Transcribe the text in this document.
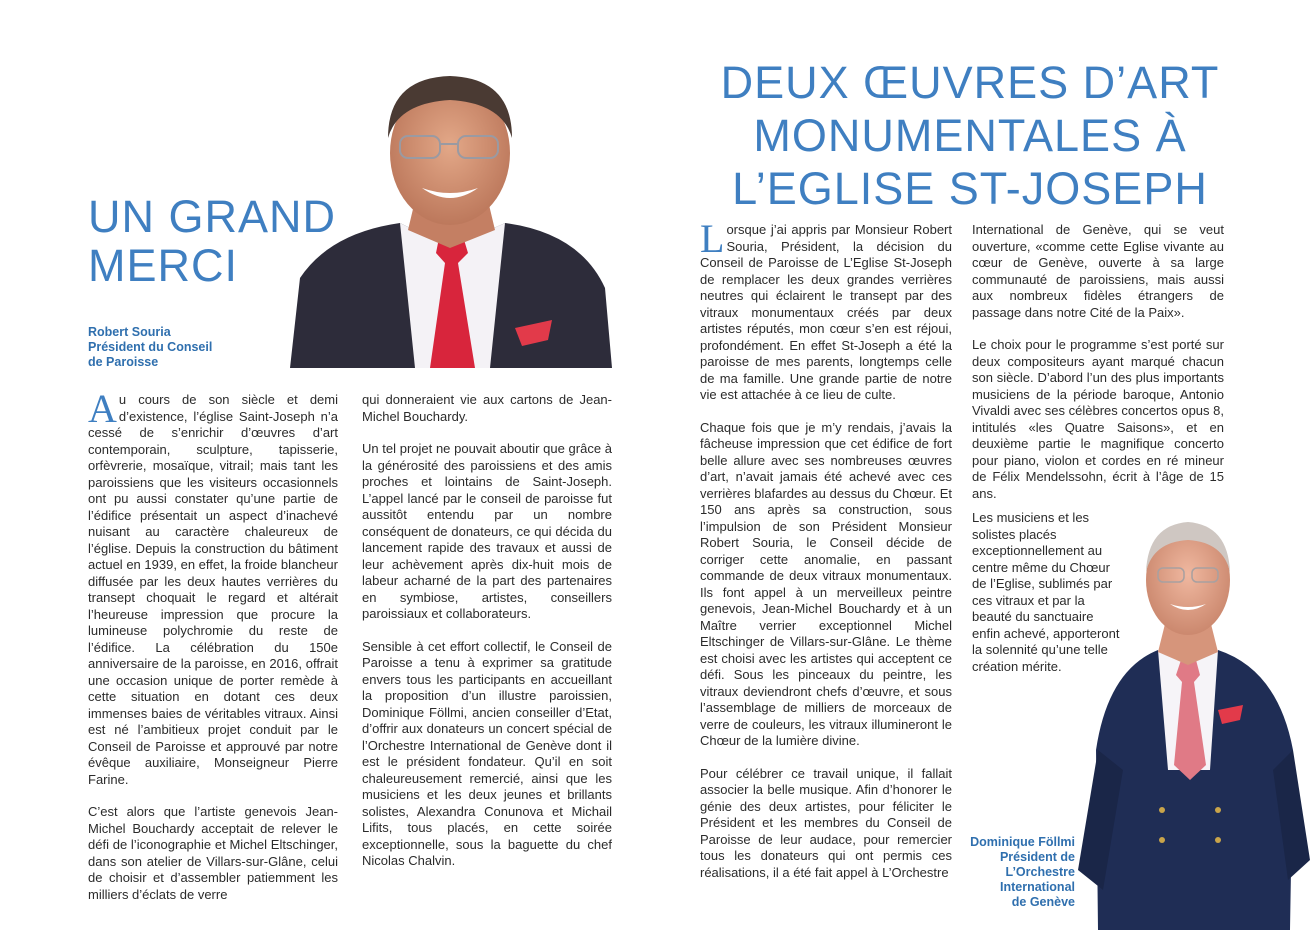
UN GRAND
MERCI
Robert Souria
Président du Conseil
de Paroisse

Au cours de son siècle et demi d’existence, l’église Saint-Joseph n’a cessé de s’enrichir d’œuvres d’art contemporain, sculpture, tapisserie, orfèvrerie, mosaïque, vitrail; mais tant les paroissiens que les visiteurs occasionnels ont pu aussi constater qu’une partie de l’édifice présentait un aspect d’inachevé nuisant au caractère chaleureux de l’église. Depuis la construction du bâtiment actuel en 1939, en effet, la froide blancheur diffusée par les deux hautes verrières du transept choquait le regard et altérait l’heureuse impression que procure la lumineuse polychromie du reste de l’édifice. La célébration du 150e anniversaire de la paroisse, en 2016, offrait une occasion unique de porter remède à cette situation en dotant ces deux immenses baies de véritables vitraux. Ainsi est né l’ambitieux projet conduit par le Conseil de Paroisse et approuvé par notre évêque auxiliaire, Monseigneur Pierre Farine.

C’est alors que l’artiste genevois Jean-Michel Bouchardy acceptait de relever le défi de l’iconographie et Michel Eltschinger, dans son atelier de Villars-sur-Glâne, celui de choisir et d’assembler patiemment les milliers d’éclats de verre

qui donneraient vie aux cartons de Jean-Michel Bouchardy.

Un tel projet ne pouvait aboutir que grâce à la générosité des paroissiens et des amis proches et lointains de Saint-Joseph. L’appel lancé par le conseil de paroisse fut aussitôt entendu par un nombre conséquent de donateurs, ce qui décida du lancement rapide des travaux et aussi de leur achèvement après dix-huit mois de labeur acharné de la part des partenaires en symbiose, artistes, conseillers paroissiaux et collaborateurs.

Sensible à cet effort collectif, le Conseil de Paroisse a tenu à exprimer sa gratitude envers tous les participants en accueillant la proposition d’un illustre paroissien, Dominique Föllmi, ancien conseiller d’Etat, d’offrir aux donateurs un concert spécial de l’Orchestre International de Genève dont il est le président fondateur. Qu’il en soit chaleureusement remercié, ainsi que les musiciens et les deux jeunes et brillants solistes, Alexandra Conunova et Michail Lifits, tous placés, en cette soirée exceptionnelle, sous la baguette du chef Nicolas Chalvin.

DEUX ŒUVRES D’ART
MONUMENTALES À
L’EGLISE ST-JOSEPH

Lorsque j’ai appris par Monsieur Robert Souria, Président, la décision du Conseil de Paroisse de L’Eglise St-Joseph de remplacer les deux grandes verrières neutres qui éclairent le transept par des vitraux monumentaux créés par deux artistes réputés, mon cœur s’en est réjoui, profondément. En effet St-Joseph a été la paroisse de mes parents, longtemps celle de ma famille. Une grande partie de notre vie est attachée à ce lieu de culte.

Chaque fois que je m’y rendais, j’avais la fâcheuse impression que cet édifice de fort belle allure avec ses nombreuses œuvres d’art, n’avait jamais été achevé avec ces verrières blafardes au dessus du Chœur. Et 150 ans après sa construction, sous l’impulsion de son Président Monsieur Robert Souria, le Conseil décide de corriger cette anomalie, en passant commande de deux vitraux monumentaux. Ils font appel à un merveilleux peintre genevois, Jean-Michel Bouchardy et à un Maître verrier exceptionnel Michel Eltschinger de Villars-sur-Glâne. Le thème est choisi avec les artistes qui acceptent ce défi. Sous les pinceaux du peintre, les vitraux deviendront chefs d’œuvre, et sous l’assemblage de milliers de morceaux de verre de couleurs, les vitraux illumineront le Chœur de la lumière divine.

Pour célébrer ce travail unique, il fallait associer la belle musique. Afin d’honorer le génie des deux artistes, pour féliciter le Président et les membres du Conseil de Paroisse de leur audace, pour remercier tous les donateurs qui ont permis ces réalisations, il a été fait appel à L’Orchestre

International de Genève, qui se veut ouverture, «comme cette Eglise vivante au cœur de Genève, ouverte à sa large communauté de paroissiens, mais aussi aux nombreux fidèles étrangers de passage dans notre Cité de la Paix».

Le choix pour le programme s’est porté sur deux compositeurs ayant marqué chacun son siècle. D’abord l’un des plus importants musiciens de la période baroque, Antonio Vivaldi avec ses célèbres concertos opus 8, intitulés «les Quatre Saisons», et en deuxième partie le magnifique concerto pour piano, violon et cordes en ré mineur de Félix Mendelssohn, écrit à l’âge de 15 ans.

Les musiciens et les solistes placés exceptionnellement au centre même du Chœur de l’Eglise, sublimés par ces vitraux et par la beauté du sanctuaire enfin achevé, apporteront la solennité qu’une telle création mérite.

Dominique Föllmi
Président de
L’Orchestre
International
de Genève
